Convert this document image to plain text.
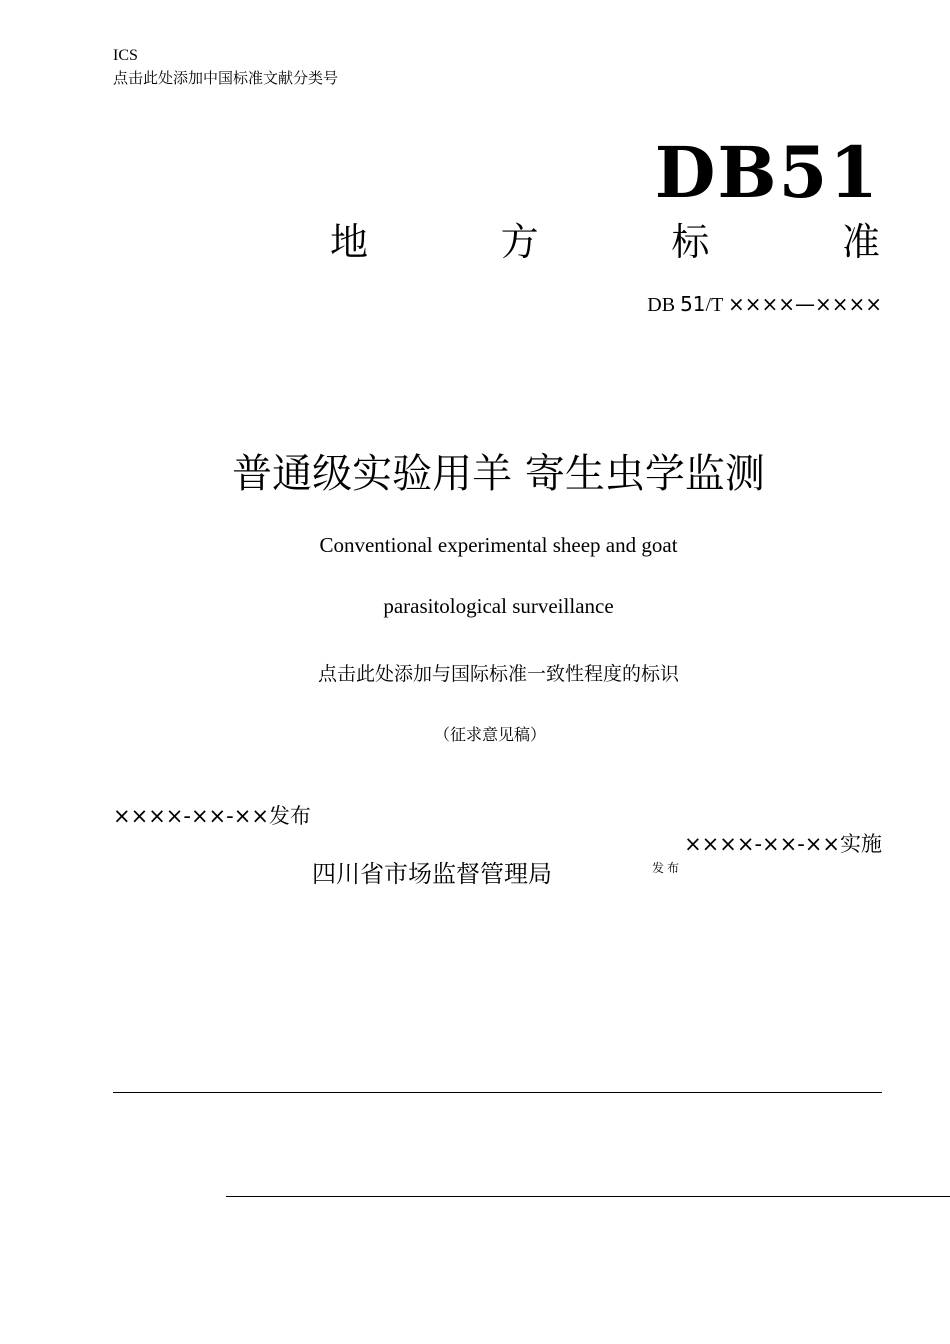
ICS
点击此处添加中国标准文献分类号
DB51
地	方	标	准
DB 51/T ××××—××××
普通级实验用羊 寄生虫学监测
Conventional experimental sheep and goat
parasitological surveillance
点击此处添加与国际标准一致性程度的标识
（征求意见稿）
××××-××-××发布
××××-××-××实施
四川省市场监督管理局	发布
